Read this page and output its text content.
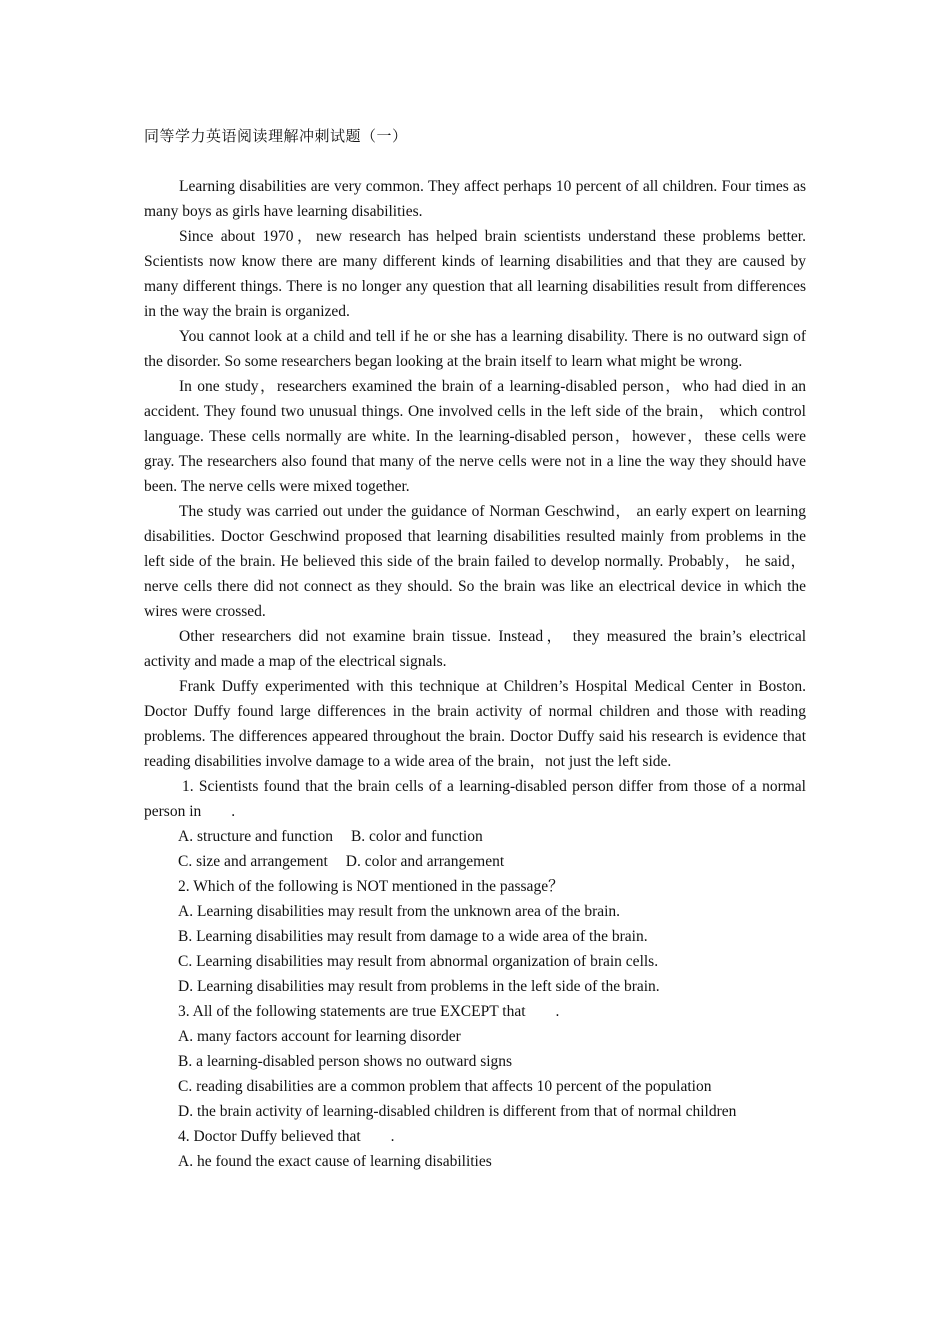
同等学力英语阅读理解冲刺试题（一）

Learning disabilities are very common. They affect perhaps 10 percent of all children. Four times as many boys as girls have learning disabilities.

Since about 1970，new research has helped brain scientists understand these problems better. Scientists now know there are many different kinds of learning disabilities and that they are caused by many different things. There is no longer any question that all learning disabilities result from differences in the way the brain is organized.

You cannot look at a child and tell if he or she has a learning disability. There is no outward sign of the disorder. So some researchers began looking at the brain itself to learn what might be wrong.

In one study，researchers examined the brain of a learning-disabled person，who had died in an accident. They found two unusual things. One involved cells in the left side of the brain， which control language. These cells normally are white. In the learning-disabled person，however，these cells were gray. The researchers also found that many of the nerve cells were not in a line the way they should have been. The nerve cells were mixed together.

The study was carried out under the guidance of Norman Geschwind， an early expert on learning disabilities. Doctor Geschwind proposed that learning disabilities resulted mainly from problems in the left side of the brain. He believed this side of the brain failed to develop normally. Probably， he said， nerve cells there did not connect as they should. So the brain was like an electrical device in which the wires were crossed.

Other researchers did not examine brain tissue. Instead， they measured the brain’s electrical activity and made a map of the electrical signals.

Frank Duffy experimented with this technique at Children’s Hospital Medical Center in Boston. Doctor Duffy found large differences in the brain activity of normal children and those with reading problems. The differences appeared throughout the brain. Doctor Duffy said his research is evidence that reading disabilities involve damage to a wide area of the brain，not just the left side.

1. Scientists found that the brain cells of a learning-disabled person differ from those of a normal person in .

A. structure and function B. color and function

C. size and arrangement D. color and arrangement

2. Which of the following is NOT mentioned in the passage？

A. Learning disabilities may result from the unknown area of the brain.

B. Learning disabilities may result from damage to a wide area of the brain.

C. Learning disabilities may result from abnormal organization of brain cells.

D. Learning disabilities may result from problems in the left side of the brain.

3. All of the following statements are true EXCEPT that .

A. many factors account for learning disorder

B. a learning-disabled person shows no outward signs

C. reading disabilities are a common problem that affects 10 percent of the population

D. the brain activity of learning-disabled children is different from that of normal children

4. Doctor Duffy believed that .

A. he found the exact cause of learning disabilities
